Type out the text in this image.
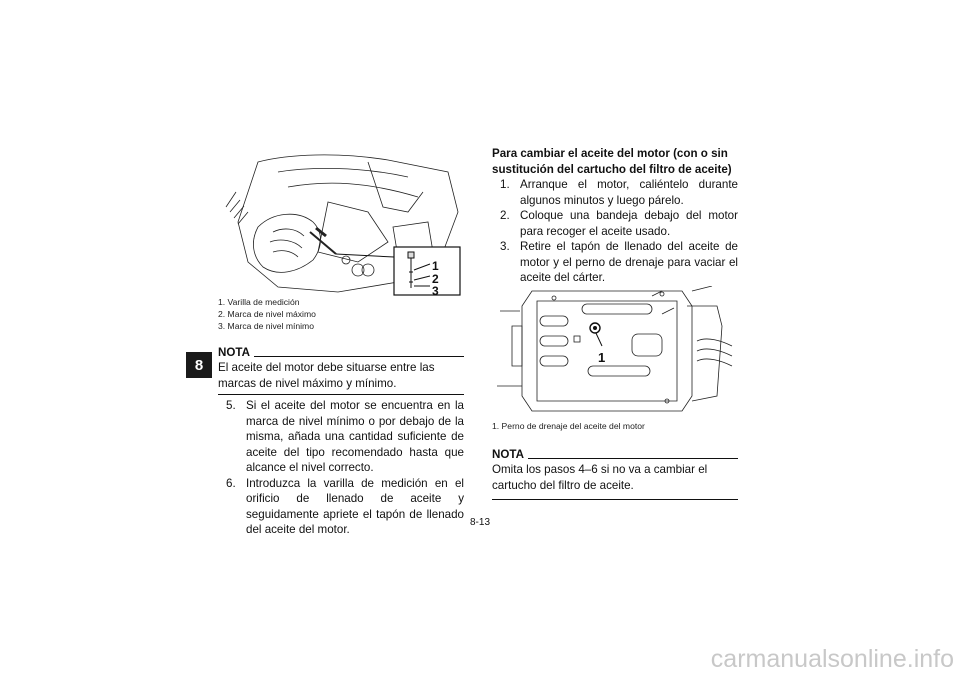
8
1
2
3
1. Varilla de medición
2. Marca de nivel máximo
3. Marca de nivel mínimo
NOTA
El aceite del motor debe situarse entre las marcas de nivel máximo y mínimo.
5. Si el aceite del motor se encuentra en la marca de nivel mínimo o por debajo de la misma, añada una cantidad suficiente de aceite del tipo recomendado hasta que alcance el nivel correcto.
6. Introduzca la varilla de medición en el orificio de llenado de aceite y seguidamente apriete el tapón de llenado del aceite del motor.
Para cambiar el aceite del motor (con o sin sustitución del cartucho del filtro de aceite)
1. Arranque el motor, caliéntelo durante algunos minutos y luego párelo.
2. Coloque una bandeja debajo del motor para recoger el aceite usado.
3. Retire el tapón de llenado del aceite de motor y el perno de drenaje para vaciar el aceite del cárter.
1
1. Perno de drenaje del aceite del motor
NOTA
Omita los pasos 4–6 si no va a cambiar el cartucho del filtro de aceite.
8-13
carmanualsonline.info
